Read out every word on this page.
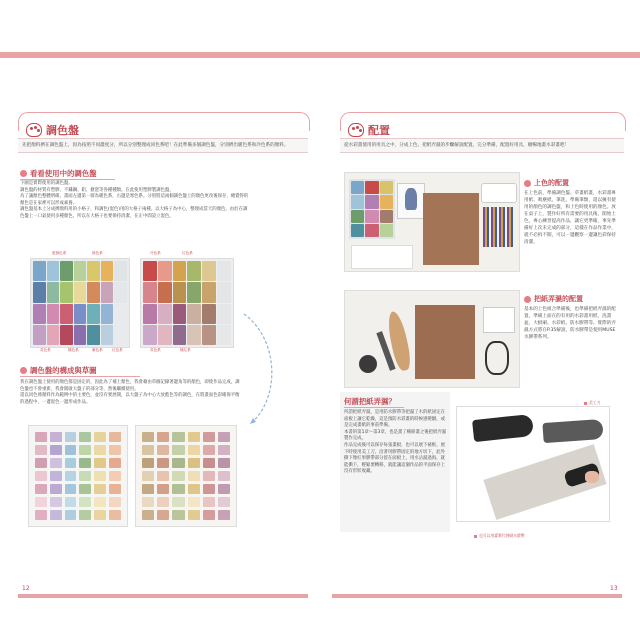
調色盤
先把顏料擠在調色盤上，因為按照不同濃度分，所以分別整理成同色系吧！在此準備多個調色盤，分別擠出暖色系和冷色系的顏料。
看看使用中的調色盤
下圖是實際使用的調色盤。
調色盤的材質有塑膠、不鏽鋼、鋁、搪瓷等各種種類。在此使用塑膠製調色盤。
為了讓顏色整體明確，畫面左邊第一層為暖色系，右邊是寒色系。分別將這兩個調色盤上的顏色更改後保存，總覺得的顏色是在家裡可以形成素養。
調色盤基本上分成擠顏料用的小格子，和調色(混色)用的大格子兩種。以大格子為中心，整理成當天的顏色。由於在調色盤上一口氣使用多種顏色，所以在大格子也要保持清潔，在正中間設立混色。
藍綠色系	綠色系
黃色系	橘色系	紫色系	紅色系
冷色系	紅色系
黃色系	橘紅系
調色盤的構成與草圖
我在調色盤上使用的顏色都是固定的，因此為了補上顏色，我會藉由草圖記錄著邊角等的顏色，即使作品完成，調色盤也不會重新，我會開啟大盤子的部分等，然後繼續使用。
還以同色係顏料作為範例中的主要色，並沒有要展開，以大盤子為中心大放藍色等的調色，在將畫面色彩確保平衡的過程中，一邊混色一邊形成作品。
12
配置
從水彩畫使用的用具之中，分成上色、把紙弄濕的步驟解說配置，完分準備，配置好用具，順暢地畫水彩畫吧！
上色的配置
在上色前，準備調色盤、草畫紙畫，水彩畫專用紙、吸塵紙、筆洗，準備筆類，還以擁有使用的顏色的調色盤，和上色時使用的顏色。放在桌子上，製作好所有需要的用具後，開始上色，專心練習提高作品，讓它更準確，事先準備好上次未完成的部分，這樣在作品作業中，就不必拆不開，可以一邊觀察一邊讓色彩保持清潔。
把紙弄濕的配置
基本的上色組合準備後，也準備把紙弄濕的配置，準備上面在的有用的水彩畫用紙，洗畫盆、大板刷、水彩紙、防水膠帶等。實際的弄濕方式將在P.35解說，防水膠帶是使用MUSE水膠帶系列。
何謂把紙弄濕？
所謂把紙弄濕，是用防水膠帶等把濕了水的紙固定在面板上讓它乾燥，這是預防水彩畫的時候感變皺，或是完成畫紙的事前準備。
本書的第1章～第3章，也是畫了橫條畫之後把紙弄濕製作完成。
作品完成後可以保存每張畫板，也可以展下裱框，展下時使用美工刀，沿著用膠帶固定的地方切下，此外撕下像紅果膠帶部分留在面板上，用水沾濕過海，就能撕下，輕鬆要轉移，就能讓這個作品的平面保存上沒有形狀收藏。
美工刀
也可以用畫筆代替刷水膠帶
13
